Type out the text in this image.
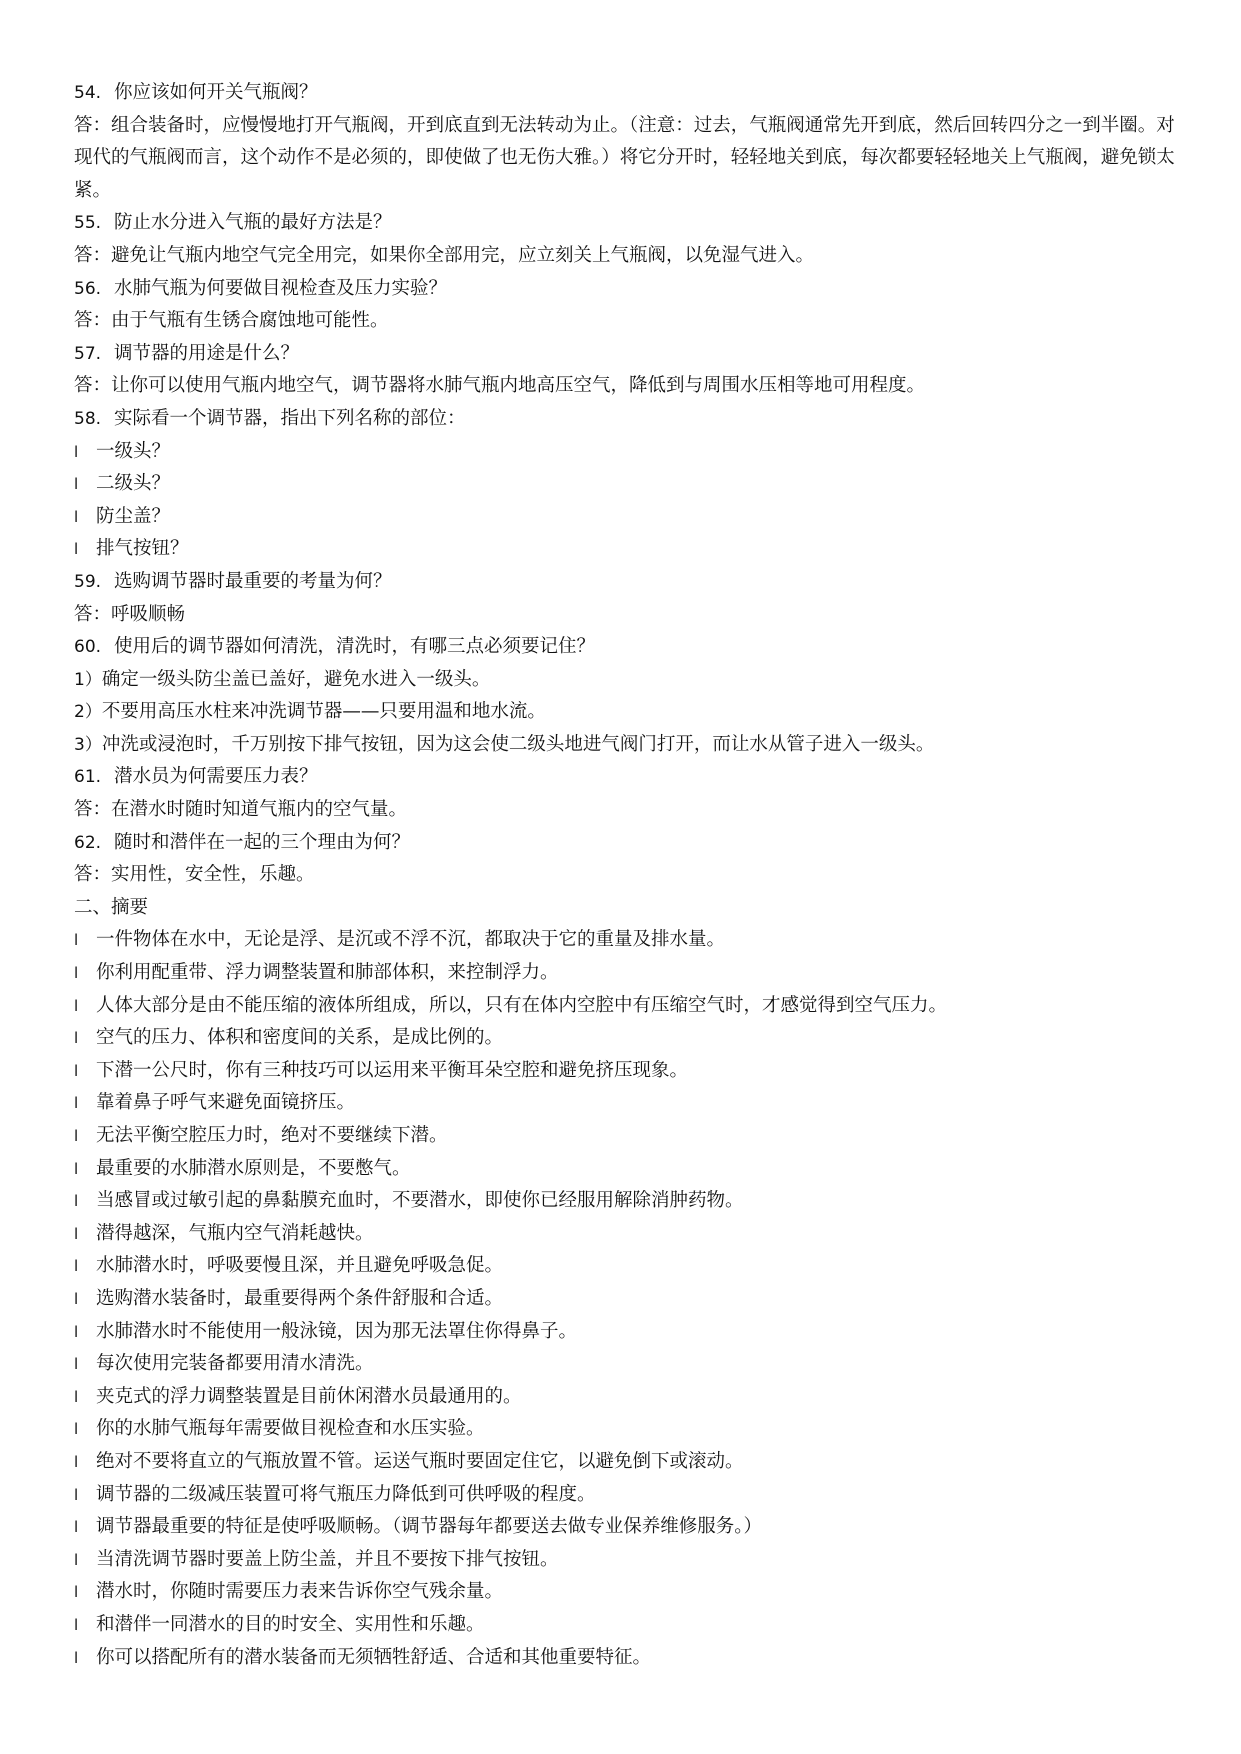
54. 你应该如何开关气瓶阀？
答：组合装备时，应慢慢地打开气瓶阀，开到底直到无法转动为止。（注意：过去，气瓶阀通常先开到底，然后回转四分之一到半圈。对现代的气瓶阀而言，这个动作不是必须的，即使做了也无伤大雅。）将它分开时，轻轻地关到底，每次都要轻轻地关上气瓶阀，避免锁太紧。
55. 防止水分进入气瓶的最好方法是？
答：避免让气瓶内地空气完全用完，如果你全部用完，应立刻关上气瓶阀，以免湿气进入。
56. 水肺气瓶为何要做目视检查及压力实验？
答：由于气瓶有生锈合腐蚀地可能性。
57. 调节器的用途是什么？
答：让你可以使用气瓶内地空气，调节器将水肺气瓶内地高压空气，降低到与周围水压相等地可用程度。
58. 实际看一个调节器，指出下列名称的部位：
l 一级头？
l 二级头？
l 防尘盖？
l 排气按钮？
59. 选购调节器时最重要的考量为何？
答：呼吸顺畅
60. 使用后的调节器如何清洗，清洗时，有哪三点必须要记住？
1）确定一级头防尘盖已盖好，避免水进入一级头。
2）不要用高压水柱来冲洗调节器——只要用温和地水流。
3）冲洗或浸泡时，千万别按下排气按钮，因为这会使二级头地进气阀门打开，而让水从管子进入一级头。
61. 潜水员为何需要压力表？
答：在潜水时随时知道气瓶内的空气量。
62. 随时和潜伴在一起的三个理由为何？
答：实用性，安全性，乐趣。
二、摘要
l 一件物体在水中，无论是浮、是沉或不浮不沉，都取决于它的重量及排水量。
l 你利用配重带、浮力调整装置和肺部体积，来控制浮力。
l 人体大部分是由不能压缩的液体所组成，所以，只有在体内空腔中有压缩空气时，才感觉得到空气压力。
l 空气的压力、体积和密度间的关系，是成比例的。
l 下潜一公尺时，你有三种技巧可以运用来平衡耳朵空腔和避免挤压现象。
l 靠着鼻子呼气来避免面镜挤压。
l 无法平衡空腔压力时，绝对不要继续下潜。
l 最重要的水肺潜水原则是，不要憋气。
l 当感冒或过敏引起的鼻黏膜充血时，不要潜水，即使你已经服用解除消肿药物。
l 潜得越深，气瓶内空气消耗越快。
l 水肺潜水时，呼吸要慢且深，并且避免呼吸急促。
l 选购潜水装备时，最重要得两个条件舒服和合适。
l 水肺潜水时不能使用一般泳镜，因为那无法罩住你得鼻子。
l 每次使用完装备都要用清水清洗。
l 夹克式的浮力调整装置是目前休闲潜水员最通用的。
l 你的水肺气瓶每年需要做目视检查和水压实验。
l 绝对不要将直立的气瓶放置不管。运送气瓶时要固定住它，以避免倒下或滚动。
l 调节器的二级减压装置可将气瓶压力降低到可供呼吸的程度。
l 调节器最重要的特征是使呼吸顺畅。（调节器每年都要送去做专业保养维修服务。）
l 当清洗调节器时要盖上防尘盖，并且不要按下排气按钮。
l 潜水时，你随时需要压力表来告诉你空气残余量。
l 和潜伴一同潜水的目的时安全、实用性和乐趣。
l 你可以搭配所有的潜水装备而无须牺牲舒适、合适和其他重要特征。
